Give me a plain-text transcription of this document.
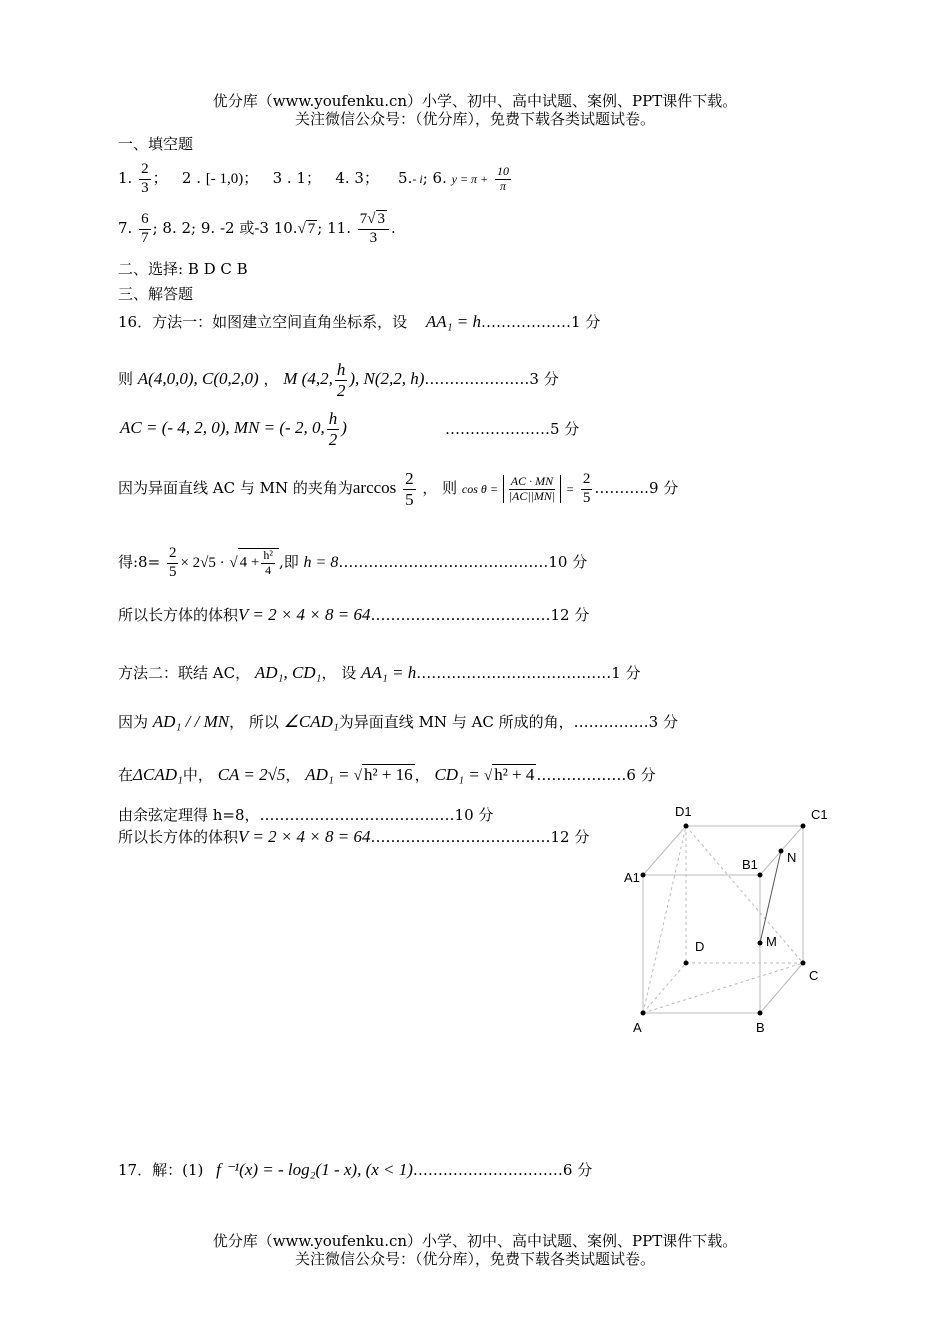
优分库（www.youfenku.cn）小学、初中、高中试题、案例、PPT课件下载。
关注微信公众号：（优分库），免费下载各类试题试卷。
一、填空题
1. $\frac{2}{3}$ ； 2 . [- 1,0)； 3 . 1； 4. 3； 5.- i; 6. $y = \pi + \frac{10}{\pi}$
7. $\frac{6}{7}$ ; 8. 2; 9. -2 或-3 10.√ 7 ; 11. $\frac{7√ 3}{3}$ .
二、选择: B D C B
三、解答题
16．方法一：如图建立空间直角坐标系，设 AA₁ = h………………1 分
则 A(4,0,0), C(0,2,0) ， M (4,2, $\frac{h}{2}$ ), N(2,2, h)…………………3 分
AC = (- 4, 2, 0), MN = (- 2, 0, $\frac{h}{2}$ )	…………………5 分
因为异面直线 AC 与 MN 的夹角为$\arccos \frac{2}{5}$ ， 则 $\cos \theta = \frac{AC \cdot MN}{|AC||MN|} = \frac{2}{5}$ ………..9 分
得:8= $\frac{2}{5} \times 2√5$ · √ $4 + \frac{\text{h²}}{4}$ ,即 h = 8……………………………………10 分
所以长方体的体积V = 2 × 4 × 8 = 64………………………………12 分
方法二：联结 AC， AD₁, CD₁， 设 AA₁ = h…………………………………1 分
因为 AD₁ / / MN， 所以 ∠CAD₁为异面直线 MN 与 AC 所成的角，……………3 分
在ΔCAD₁中， CA = 2√5， AD₁ = √ h² + 16 ， CD₁ = √ h² + 4 ………………6 分
由余弦定理得 h=8，…………………………………10 分
所以长方体的体积V = 2 × 4 × 8 = 64………………………………12 分
D1	C1
A1
B1 N
D	M
C
A	B
17．解：(1) f ⁻¹(x) = - log₂(1 - x), (x < 1)…………………………6 分
优分库（www.youfenku.cn）小学、初中、高中试题、案例、PPT课件下载。
关注微信公众号：（优分库），免费下载各类试题试卷。
